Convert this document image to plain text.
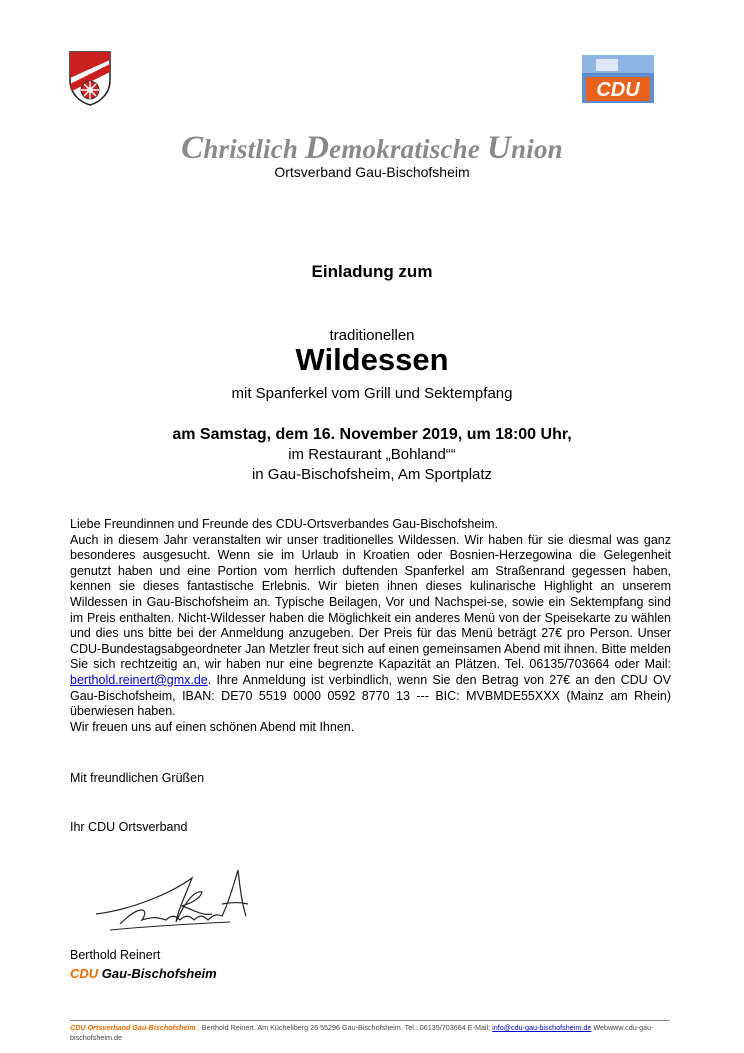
CDU
Christlich Demokratische Union
Ortsverband Gau-Bischofsheim
Einladung zum
traditionellen
Wildessen
mit Spanferkel vom Grill und Sektempfang
am Samstag, dem 16. November 2019, um 18:00 Uhr,
im Restaurant „Bohland““
in Gau-Bischofsheim, Am Sportplatz

Liebe Freundinnen und Freunde des CDU-Ortsverbandes Gau-Bischofsheim.

Auch in diesem Jahr veranstalten wir unser traditionelles Wildessen. Wir haben für sie diesmal was ganz besonderes ausgesucht. Wenn sie im Urlaub in Kroatien oder Bosnien-Herzegowina die Gelegenheit genutzt haben und eine Portion vom herrlich duftenden Spanferkel am Straßenrand gegessen haben, kennen sie dieses fantastische Erlebnis. Wir bieten ihnen dieses kulinarische Highlight an unserem Wildessen in Gau-Bischofsheim an. Typische Beilagen, Vor und Nachspei-se, sowie ein Sektempfang sind im Preis enthalten. Nicht-Wildesser haben die Möglichkeit ein anderes Menü von der Speisekarte zu wählen und dies uns bitte bei der Anmeldung anzugeben. Der Preis für das Menü beträgt 27€ pro Person. Unser CDU-Bundestagsabgeordneter Jan Metzler freut sich auf einen gemeinsamen Abend mit ihnen. Bitte melden Sie sich rechtzeitig an, wir haben nur eine begrenzte Kapazität an Plätzen. Tel. 06135/703664 oder Mail: berthold.reinert@gmx.de. Ihre Anmeldung ist verbindlich, wenn Sie den Betrag von 27€ an den CDU OV Gau-Bischofsheim, IBAN: DE70 5519 0000 0592 8770 13 --- BIC: MVBMDE55XXX (Mainz am Rhein) überwiesen haben.

Wir freuen uns auf einen schönen Abend mit Ihnen.

Mit freundlichen Grüßen
Ihr CDU Ortsverband
Berthold Reinert
CDU Gau-Bischofsheim
CDU Ortsverband Gau-Bischofsheim . Berthold Reinert. Am Kücheliberg 26 55296 Gau-Bischofsheim. Tel.: 06135/703664 E-Mail: info@cdu-gau-bischofsheim.de Webwww.cdu-gau-bischofsheim.de
